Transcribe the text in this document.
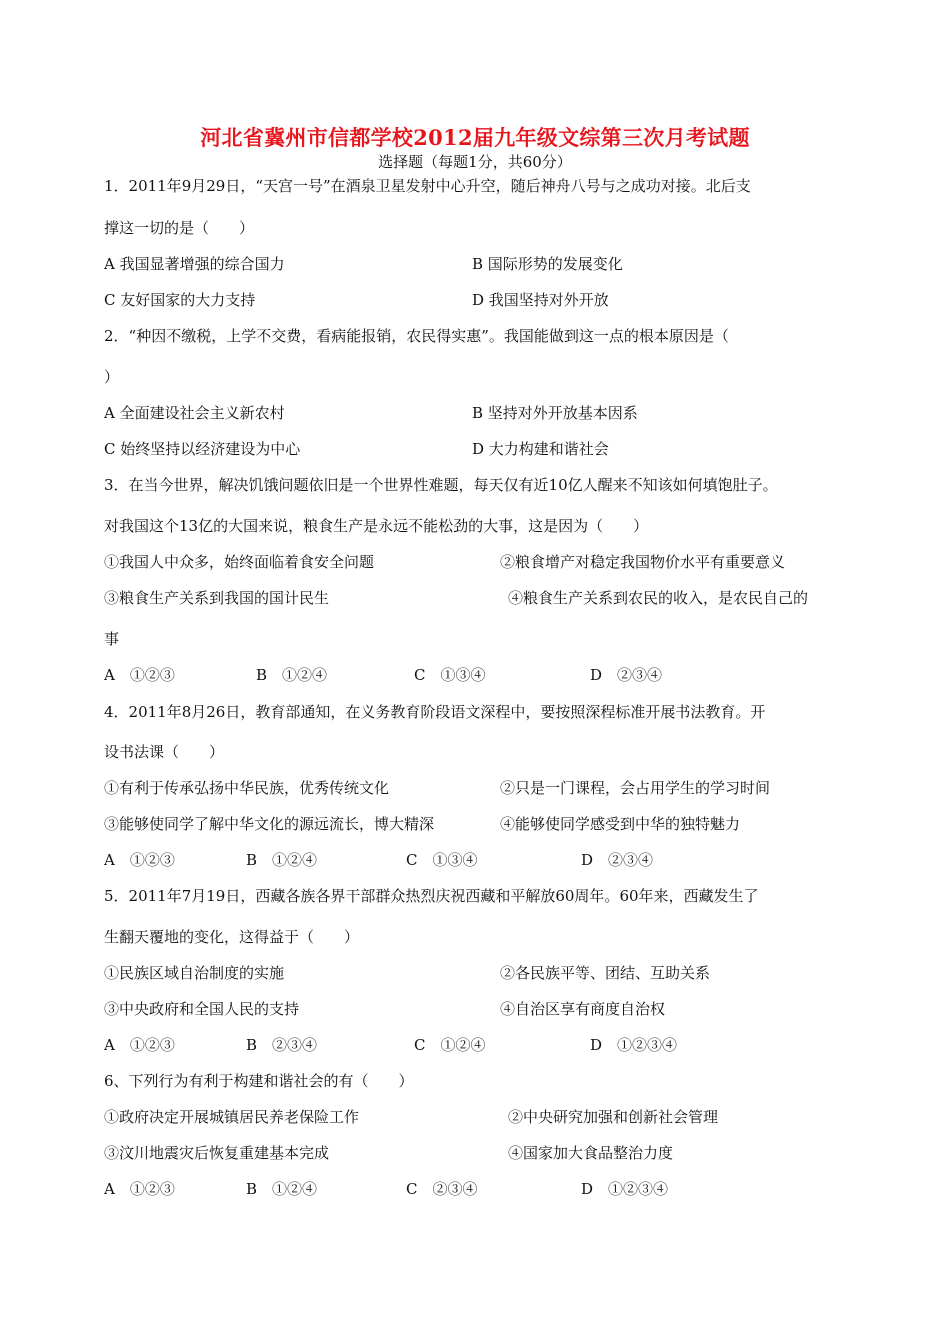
河北省冀州市信都学校2012届九年级文综第三次月考试题
选择题（每题1分，共60分）
1．2011年9月29日，“天宫一号”在酒泉卫星发射中心升空，随后神舟八号与之成功对接。北后支
撑这一切的是（　　）
A 我国显著增强的综合国力	B 国际形势的发展变化
C 友好国家的大力支持	D 我国坚持对外开放
2．“种因不缴税，上学不交费，看病能报销，农民得实惠”。我国能做到这一点的根本原因是（
）
A 全面建设社会主义新农村	B 坚持对外开放基本因系
C 始终坚持以经济建设为中心	D 大力构建和谐社会
3．在当今世界，解决饥饿问题依旧是一个世界性难题，每天仅有近10亿人醒来不知该如何填饱肚子。
对我国这个13亿的大国来说，粮食生产是永远不能松劲的大事，这是因为（　　）
①我国人中众多，始终面临着食安全问题	②粮食增产对稳定我国物价水平有重要意义
③粮食生产关系到我国的国计民生	④粮食生产关系到农民的收入，是农民自己的
事
A　①②③	B　①②④	C　①③④	D　②③④
4．2011年8月26日，教育部通知，在义务教育阶段语文深程中，要按照深程标准开展书法教育。开
设书法课（　　）
①有利于传承弘扬中华民族，优秀传统文化	②只是一门课程，会占用学生的学习时间
③能够使同学了解中华文化的源远流长，博大精深	④能够使同学感受到中华的独特魅力
A　①②③	B　①②④	C　①③④	D　②③④
5．2011年7月19日，西藏各族各界干部群众热烈庆祝西藏和平解放60周年。60年来，西藏发生了
生翻天覆地的变化，这得益于（　　）
①民族区域自治制度的实施	②各民族平等、团结、互助关系
③中央政府和全国人民的支持	④自治区享有商度自治权
A　①②③	B　②③④	C　①②④	D　①②③④
6、下列行为有利于构建和谐社会的有（　　）
①政府决定开展城镇居民养老保险工作	②中央研究加强和创新社会管理
③汶川地震灾后恢复重建基本完成	④国家加大食品整治力度
A　①②③	B　①②④	C　②③④	D　①②③④
